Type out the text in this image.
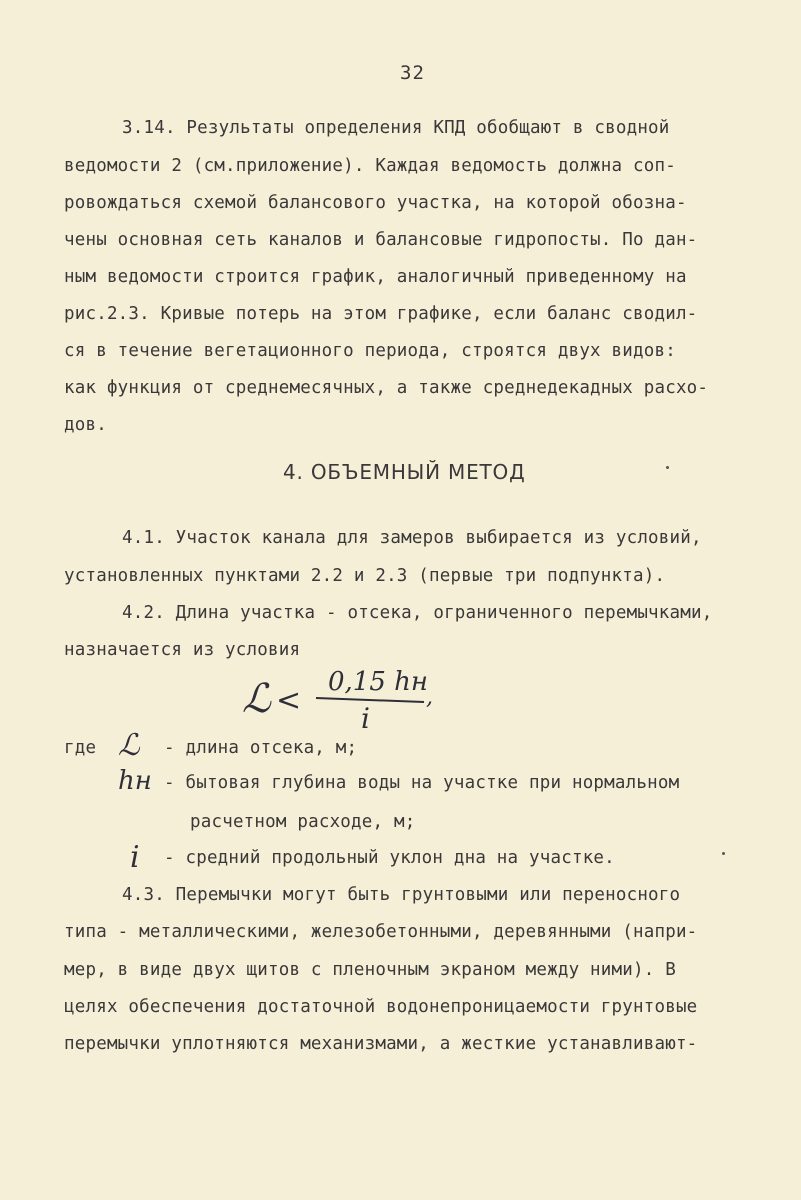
32
3.14. Результаты определения КПД обобщают в сводной
ведомости 2 (см.приложение). Каждая ведомость должна соп-
ровождаться схемой балансового участка, на которой обозна-
чены основная сеть каналов и балансовые гидропосты. По дан-
ным ведомости строится график, аналогичный приведенному на
рис.2.3. Кривые потерь на этом графике, если баланс сводил-
ся в течение вегетационного периода, строятся двух видов:
как функция от среднемесячных, а также среднедекадных расхо-
дов.
4. ОБЪЕМНЫЙ МЕТОД
4.1. Участок канала для замеров выбирается из условий,
установленных пунктами 2.2 и 2.3 (первые три подпункта).
4.2. Длина участка - отсека, ограниченного перемычками,
назначается из условия
ℒ <
0,15 hн
i
,
где ℒ - длина отсека, м;
hн - бытовая глубина воды на участке при нормальном
расчетном расходе, м;
i - средний продольный уклон дна на участке.
4.3. Перемычки могут быть грунтовыми или переносного
типа - металлическими, железобетонными, деревянными (напри-
мер, в виде двух щитов с пленочным экраном между ними). В
целях обеспечения достаточной водонепроницаемости грунтовые
перемычки уплотняются механизмами, а жесткие устанавливают-
